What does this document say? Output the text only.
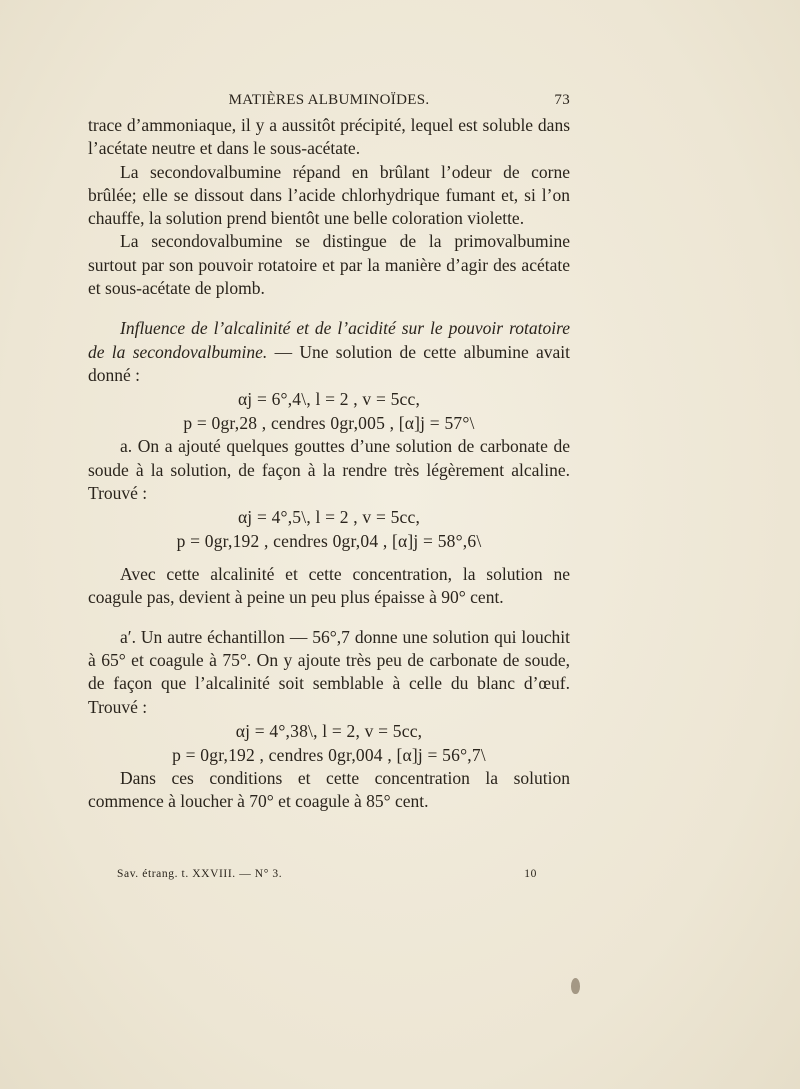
MATIÈRES ALBUMINOÏDES.	73

trace d’ammoniaque, il y a aussitôt précipité, lequel est soluble dans l’acétate neutre et dans le sous-acétate.

La secondovalbumine répand en brûlant l’odeur de corne brûlée; elle se dissout dans l’acide chlorhydrique fumant et, si l’on chauffe, la solution prend bientôt une belle coloration violette.

La secondovalbumine se distingue de la primovalbumine surtout par son pouvoir rotatoire et par la manière d’agir des acétate et sous-acétate de plomb.

Influence de l’alcalinité et de l’acidité sur le pouvoir rotatoire de la secondovalbumine. — Une solution de cette albumine avait donné :

αj = 6°,4\, l = 2 , v = 5cc,

p = 0gr,28 , cendres 0gr,005 , [α]j = 57°\

a. On a ajouté quelques gouttes d’une solution de carbonate de soude à la solution, de façon à la rendre très légèrement alcaline. Trouvé :

αj = 4°,5\, l = 2 , v = 5cc,

p = 0gr,192 , cendres 0gr,04 , [α]j = 58°,6\

Avec cette alcalinité et cette concentration, la solution ne coagule pas, devient à peine un peu plus épaisse à 90° cent.

a′. Un autre échantillon — 56°,7 donne une solution qui louchit à 65° et coagule à 75°. On y ajoute très peu de carbonate de soude, de façon que l’alcalinité soit semblable à celle du blanc d’œuf. Trouvé :

αj = 4°,38\, l = 2, v = 5cc,

p = 0gr,192 , cendres 0gr,004 , [α]j = 56°,7\

Dans ces conditions et cette concentration la solution commence à loucher à 70° et coagule à 85° cent.

Sav. étrang. t. XXVIII. — N° 3.	10
